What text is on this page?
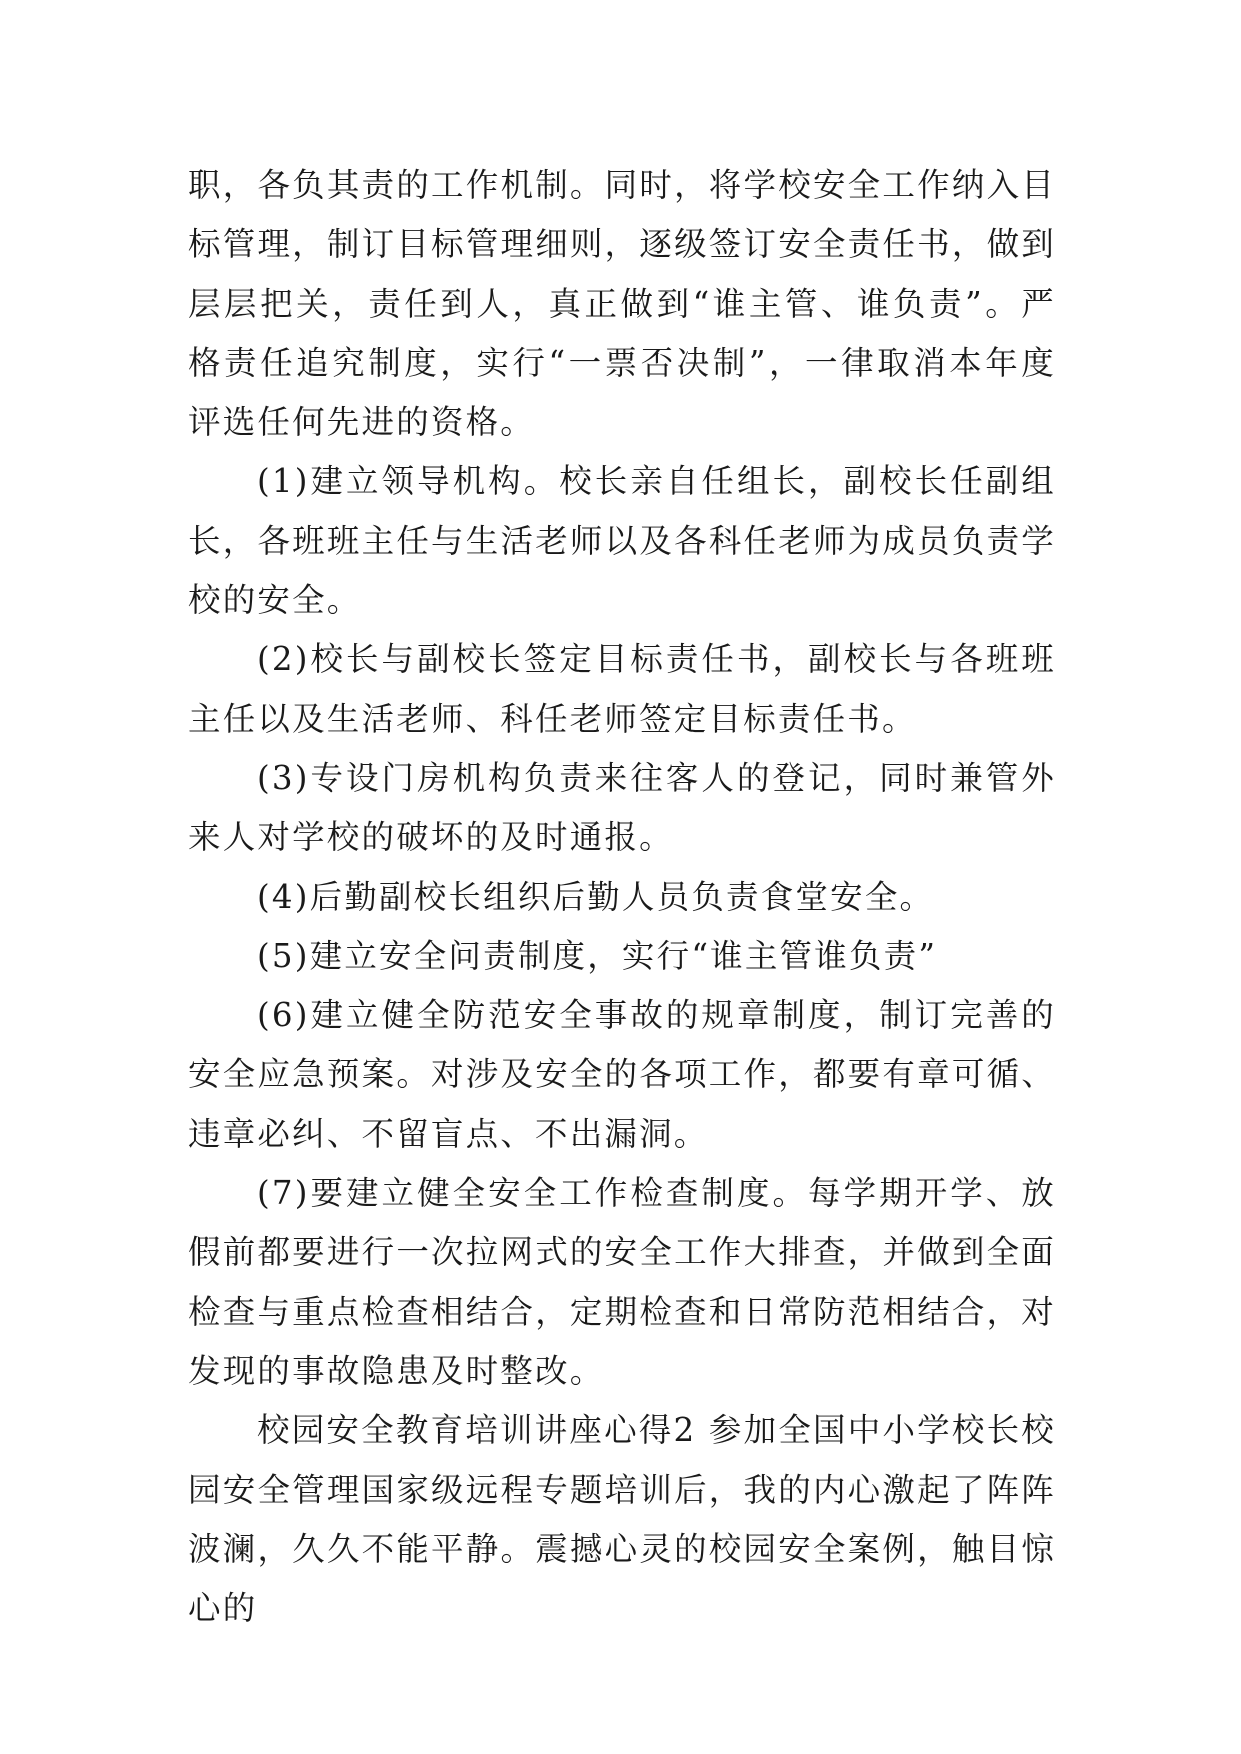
职，各负其责的工作机制。同时，将学校安全工作纳入目标管理，制订目标管理细则，逐级签订安全责任书，做到层层把关，责任到人，真正做到“谁主管、谁负责”。严格责任追究制度，实行“一票否决制”，一律取消本年度评选任何先进的资格。

(1)建立领导机构。校长亲自任组长，副校长任副组长，各班班主任与生活老师以及各科任老师为成员负责学校的安全。

(2)校长与副校长签定目标责任书，副校长与各班班主任以及生活老师、科任老师签定目标责任书。

(3)专设门房机构负责来往客人的登记，同时兼管外来人对学校的破坏的及时通报。

(4)后勤副校长组织后勤人员负责食堂安全。

(5)建立安全问责制度，实行“谁主管谁负责”

(6)建立健全防范安全事故的规章制度，制订完善的安全应急预案。对涉及安全的各项工作，都要有章可循、违章必纠、不留盲点、不出漏洞。

(7)要建立健全安全工作检查制度。每学期开学、放假前都要进行一次拉网式的安全工作大排查，并做到全面检查与重点检查相结合，定期检查和日常防范相结合，对发现的事故隐患及时整改。

校园安全教育培训讲座心得2 参加全国中小学校长校园安全管理国家级远程专题培训后，我的内心激起了阵阵波澜，久久不能平静。震撼心灵的校园安全案例，触目惊心的
